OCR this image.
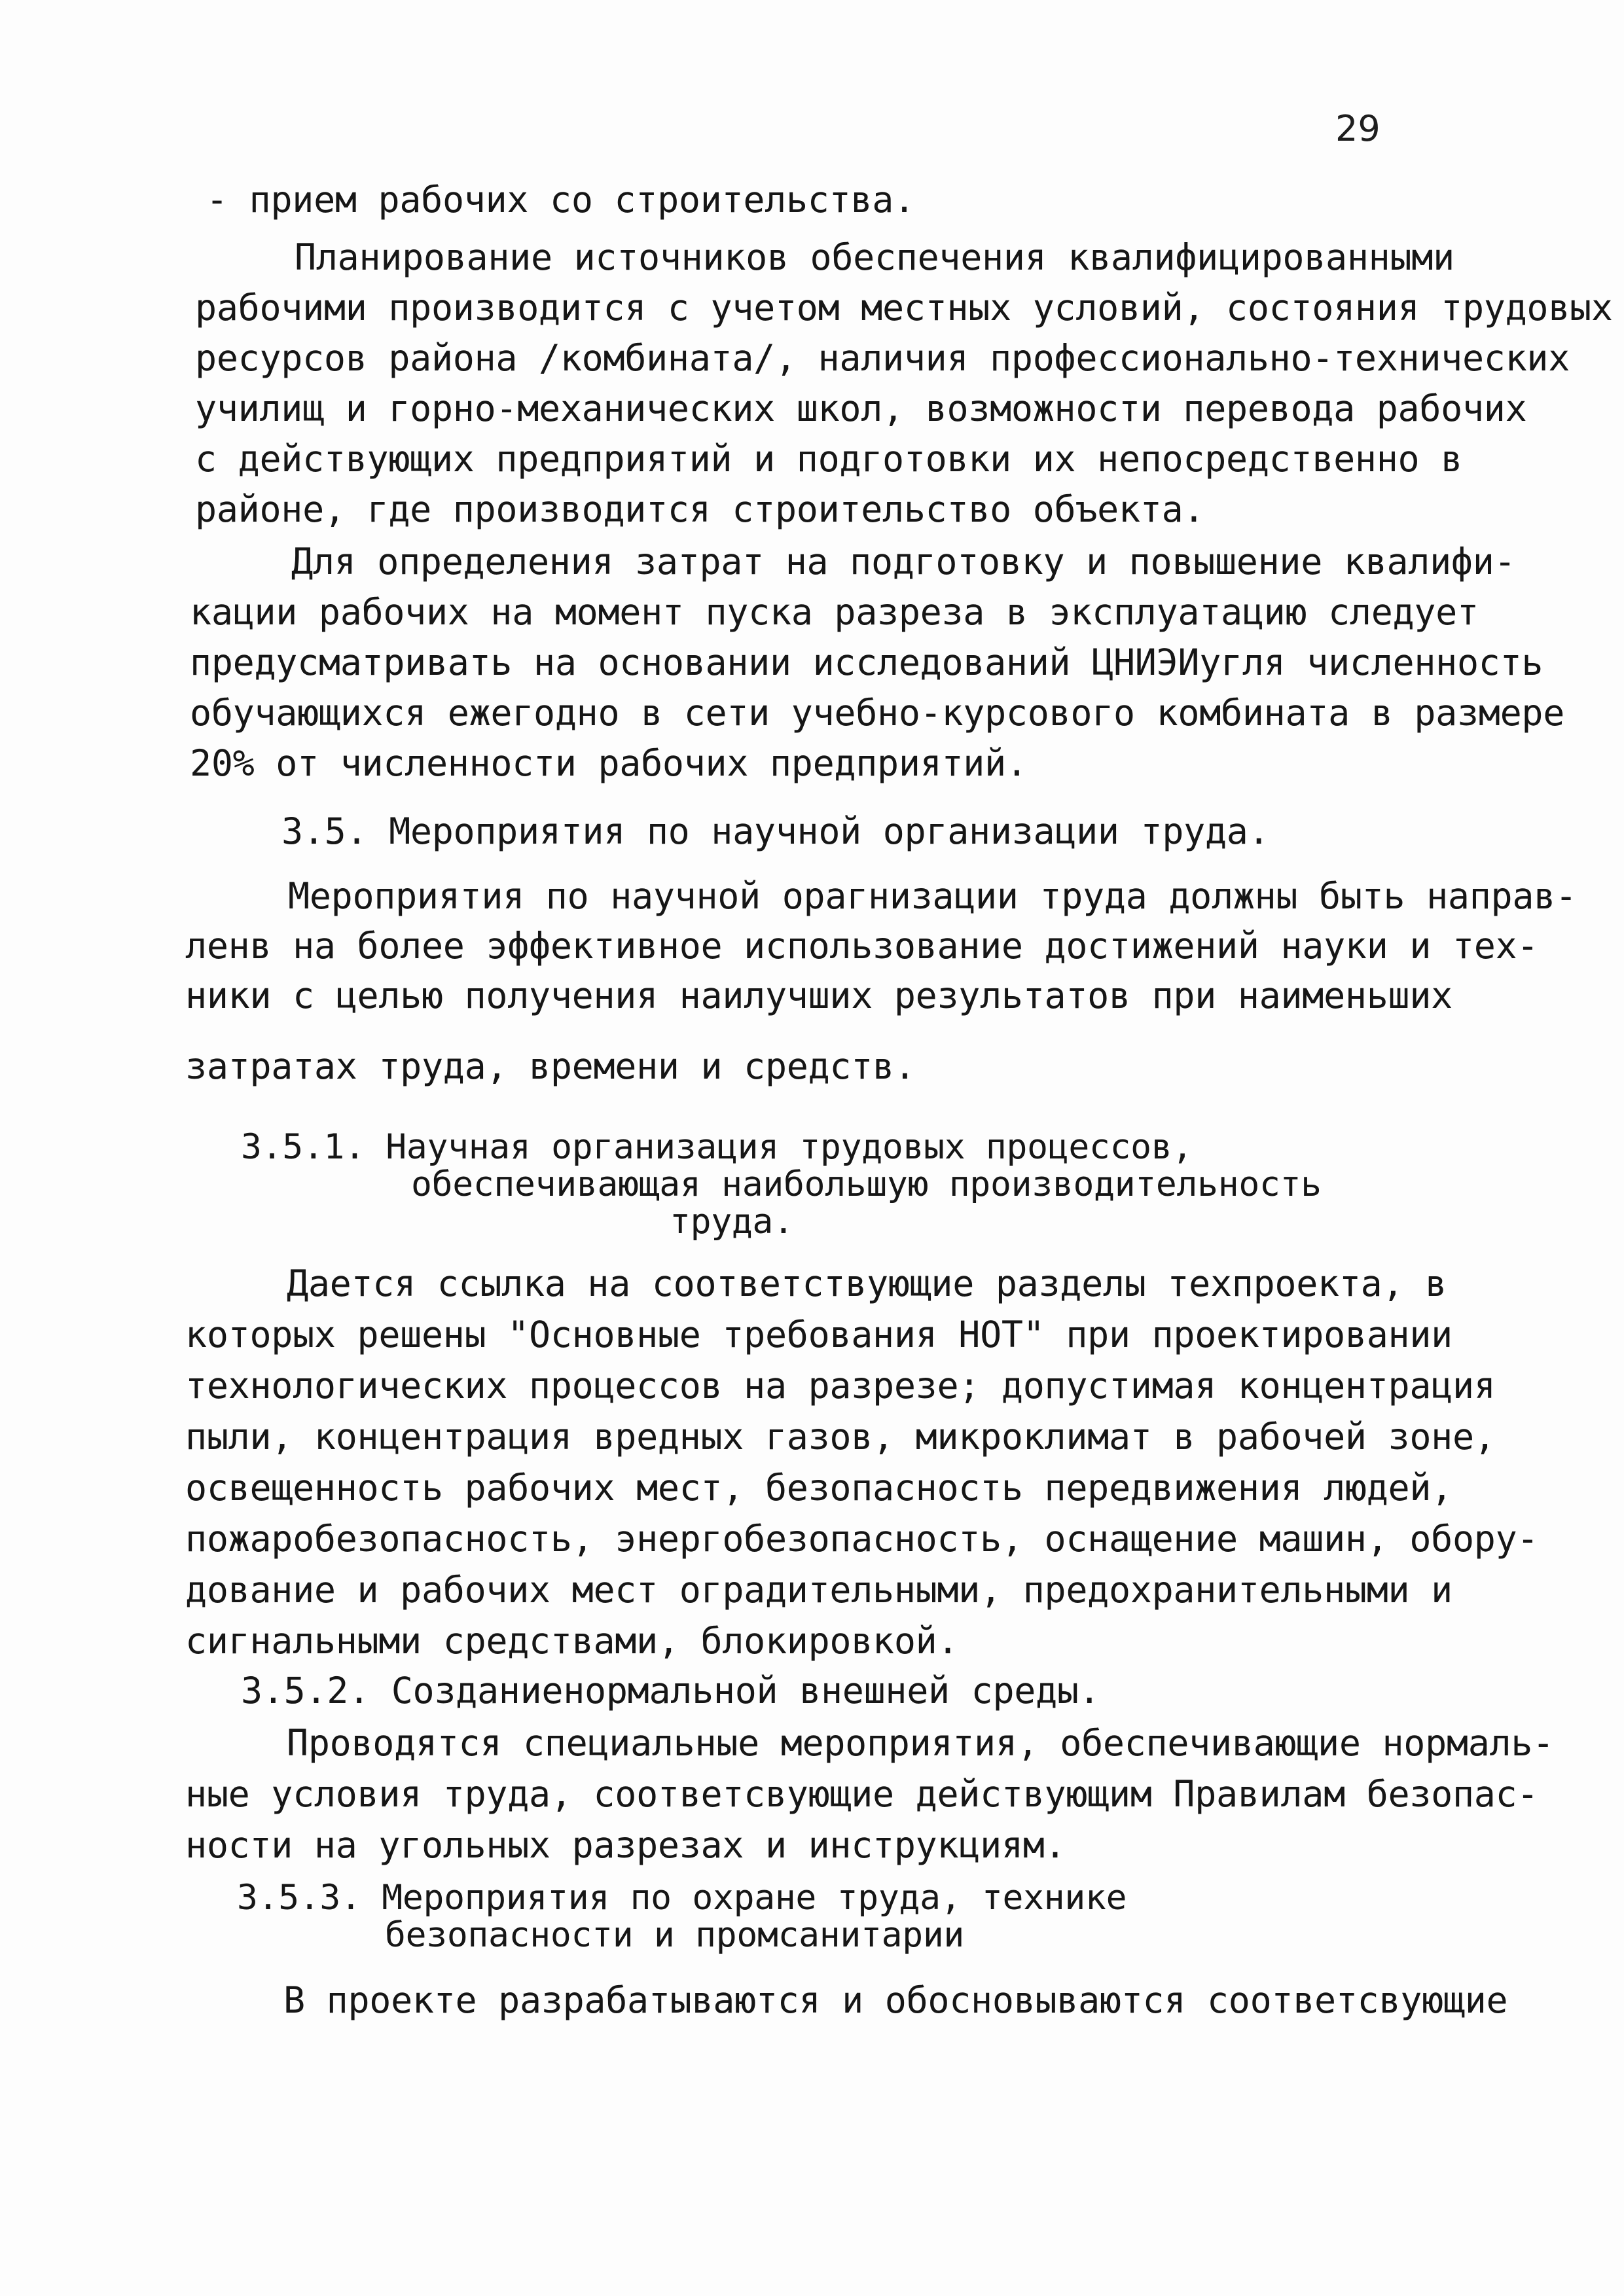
29
- прием рабочих со строительства.
Планирование источников обеспечения квалифицированными
рабочими производится с учетом местных условий, состояния трудовых
ресурсов района /комбината/, наличия профессионально-технических
училищ и горно-механических школ, возможности перевода рабочих
с действующих предприятий и подготовки их непосредственно в
районе, где производится строительство объекта.
Для определения затрат на подготовку и повышение квалифи-
кации рабочих на момент пуска разреза в эксплуатацию следует
предусматривать на основании исследований ЦНИЭИугля численность
обучающихся ежегодно в сети учебно-курсового комбината в размере
20% от численности рабочих предприятий.
3.5. Мероприятия по научной организации труда.
Мероприятия по научной орагнизации труда должны быть направ-
ленв на более эффективное использование достижений науки и тех-
ники с целью получения наилучших результатов при наименьших
затратах труда, времени и средств.
3.5.1. Научная организация трудовых процессов,
обеспечивающая наибольшую производительность
труда.
Дается ссылка на соответствующие разделы техпроекта, в
которых решены "Основные требования НОТ" при проектировании
технологических процессов на разрезе; допустимая концентрация
пыли, концентрация вредных газов, микроклимат в рабочей зоне,
освещенность рабочих мест, безопасность передвижения людей,
пожаробезопасность, энергобезопасность, оснащение машин, обору-
дование и рабочих мест оградительными, предохранительными и
сигнальными средствами, блокировкой.
3.5.2. Созданиенормальной внешней среды.
Проводятся специальные мероприятия, обеспечивающие нормаль-
ные условия труда, соответсвующие действующим Правилам безопас-
ности на угольных разрезах и инструкциям.
3.5.3. Мероприятия по охране труда, технике
безопасности и промсанитарии
В проекте разрабатываются и обосновываются соответсвующие
